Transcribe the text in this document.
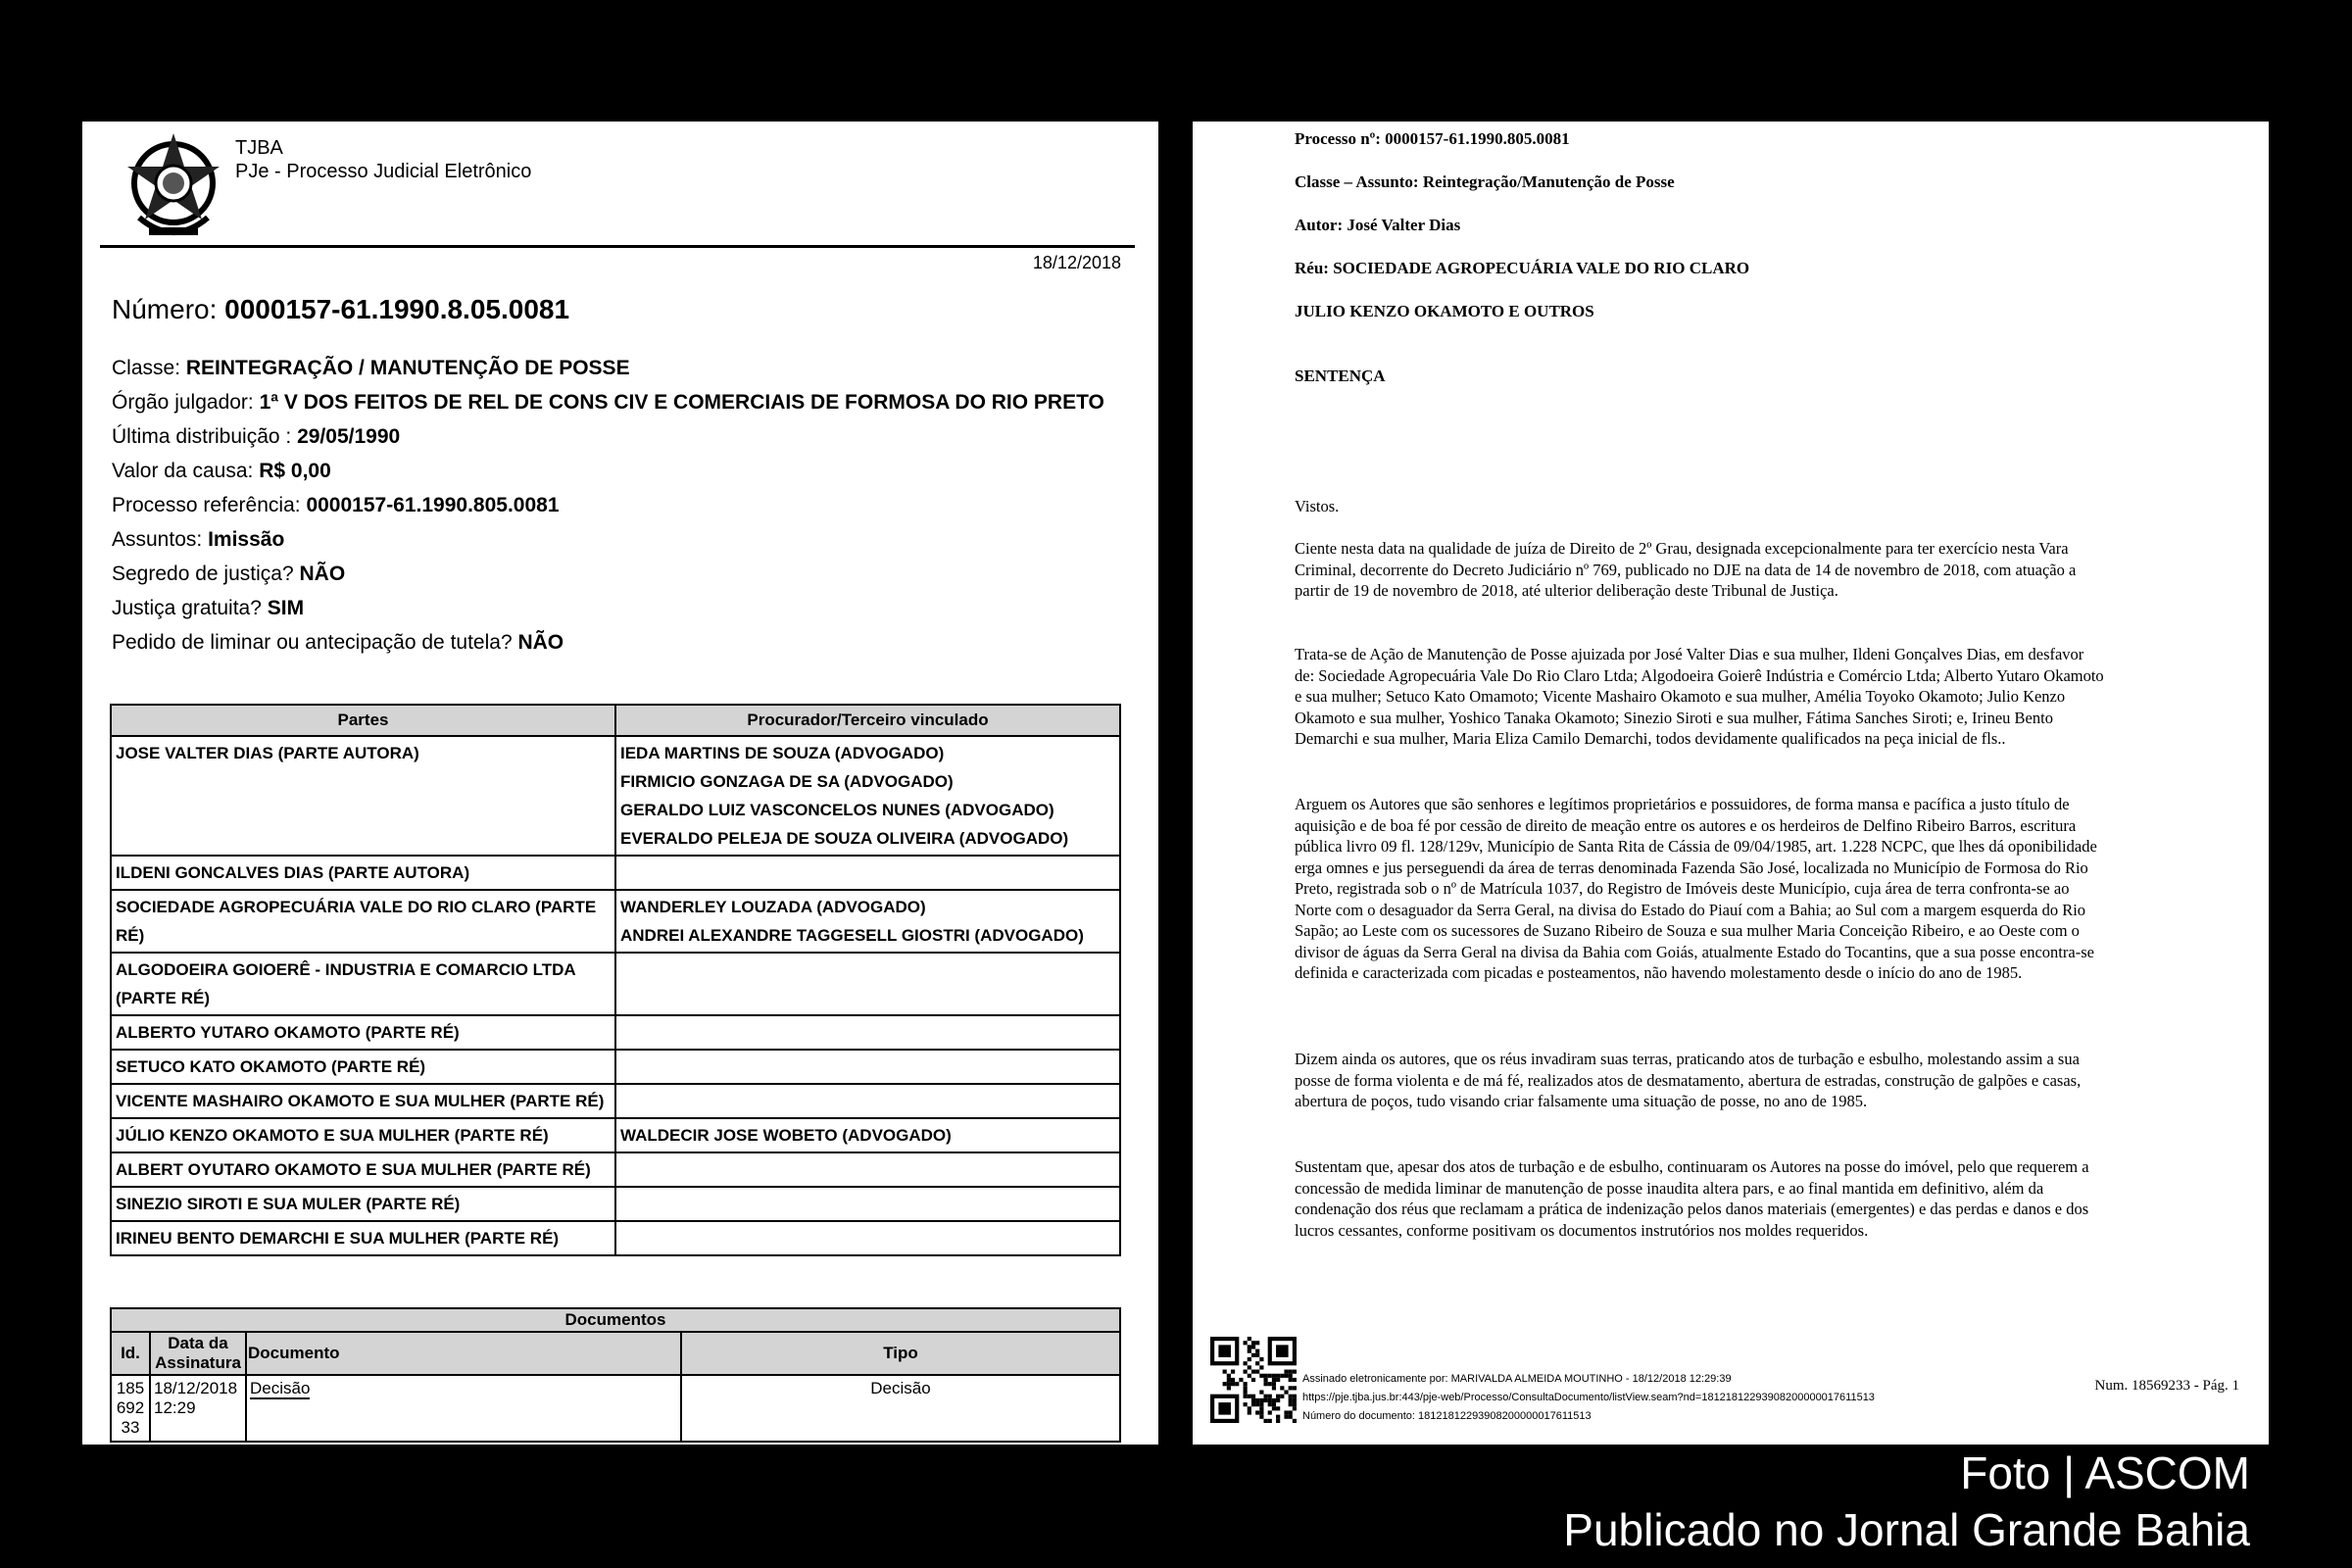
TJBA
PJe - Processo Judicial Eletrônico
18/12/2018
Número: 0000157-61.1990.8.05.0081
Classe: REINTEGRAÇÃO / MANUTENÇÃO DE POSSE
Órgão julgador: 1ª V DOS FEITOS DE REL DE CONS CIV E COMERCIAIS DE FORMOSA DO RIO PRETO
Última distribuição : 29/05/1990
Valor da causa: R$ 0,00
Processo referência: 0000157-61.1990.805.0081
Assuntos: Imissão
Segredo de justiça? NÃO
Justiça gratuita? SIM
Pedido de liminar ou antecipação de tutela? NÃO
Partes	Procurador/Terceiro vinculado
JOSE VALTER DIAS (PARTE AUTORA)	IEDA MARTINS DE SOUZA (ADVOGADO)
FIRMICIO GONZAGA DE SA (ADVOGADO)
GERALDO LUIZ VASCONCELOS NUNES (ADVOGADO)
EVERALDO PELEJA DE SOUZA OLIVEIRA (ADVOGADO)
ILDENI GONCALVES DIAS (PARTE AUTORA)	
SOCIEDADE AGROPECUÁRIA VALE DO RIO CLARO (PARTE RÉ)	WANDERLEY LOUZADA (ADVOGADO)
ANDREI ALEXANDRE TAGGESELL GIOSTRI (ADVOGADO)
ALGODOEIRA GOIOERÊ - INDUSTRIA E COMARCIO LTDA (PARTE RÉ)	
ALBERTO YUTARO OKAMOTO (PARTE RÉ)	
SETUCO KATO OKAMOTO (PARTE RÉ)	
VICENTE MASHAIRO OKAMOTO E SUA MULHER (PARTE RÉ)	
JÚLIO KENZO OKAMOTO E SUA MULHER (PARTE RÉ)	WALDECIR JOSE WOBETO (ADVOGADO)
ALBERT OYUTARO OKAMOTO E SUA MULHER (PARTE RÉ)	
SINEZIO SIROTI E SUA MULER (PARTE RÉ)	
IRINEU BENTO DEMARCHI E SUA MULHER (PARTE RÉ)	
Documentos			
Id.	Data da Assinatura	Documento	Tipo
18569233	18/12/2018 12:29	Decisão	Decisão
Processo nº: 0000157-61.1990.805.0081
Classe – Assunto: Reintegração/Manutenção de Posse
Autor: José Valter Dias
Réu: SOCIEDADE AGROPECUÁRIA VALE DO RIO CLARO
JULIO KENZO OKAMOTO E OUTROS
SENTENÇA
Vistos.
Ciente nesta data na qualidade de juíza de Direito de 2º Grau, designada excepcionalmente para ter exercício nesta Vara Criminal, decorrente do Decreto Judiciário nº 769, publicado no DJE na data de 14 de novembro de 2018, com atuação a partir de 19 de novembro de 2018, até ulterior deliberação deste Tribunal de Justiça.
Trata-se de Ação de Manutenção de Posse ajuizada por José Valter Dias e sua mulher, Ildeni Gonçalves Dias, em desfavor de: Sociedade Agropecuária Vale Do Rio Claro Ltda; Algodoeira Goierê Indústria e Comércio Ltda; Alberto Yutaro Okamoto e sua mulher; Setuco Kato Omamoto; Vicente Mashairo Okamoto e sua mulher, Amélia Toyoko Okamoto; Julio Kenzo Okamoto e sua mulher, Yoshico Tanaka Okamoto; Sinezio Siroti e sua mulher, Fátima Sanches Siroti; e, Irineu Bento Demarchi e sua mulher, Maria Eliza Camilo Demarchi, todos devidamente qualificados na peça inicial de fls..
Arguem os Autores que são senhores e legítimos proprietários e possuidores, de forma mansa e pacífica a justo título de aquisição e de boa fé por cessão de direito de meação entre os autores e os herdeiros de Delfino Ribeiro Barros, escritura pública livro 09 fl. 128/129v, Município de Santa Rita de Cássia de 09/04/1985, art. 1.228 NCPC, que lhes dá oponibilidade erga omnes e jus perseguendi da área de terras denominada Fazenda São José, localizada no Município de Formosa do Rio Preto, registrada sob o nº de Matrícula 1037, do Registro de Imóveis deste Município, cuja área de terra confronta-se ao Norte com o desaguador da Serra Geral, na divisa do Estado do Piauí com a Bahia; ao Sul com a margem esquerda do Rio Sapão; ao Leste com os sucessores de Suzano Ribeiro de Souza e sua mulher Maria Conceição Ribeiro, e ao Oeste com o divisor de águas da Serra Geral na divisa da Bahia com Goiás, atualmente Estado do Tocantins, que a sua posse encontra-se definida e caracterizada com picadas e posteamentos, não havendo molestamento desde o início do ano de 1985.
Dizem ainda os autores, que os réus invadiram suas terras, praticando atos de turbação e esbulho, molestando assim a sua posse de forma violenta e de má fé, realizados atos de desmatamento, abertura de estradas, construção de galpões e casas, abertura de poços, tudo visando criar falsamente uma situação de posse, no ano de 1985.
Sustentam que, apesar dos atos de turbação e de esbulho, continuaram os Autores na posse do imóvel, pelo que requerem a concessão de medida liminar de manutenção de posse inaudita altera pars, e ao final mantida em definitivo, além da condenação dos réus que reclamam a prática de indenização pelos danos materiais (emergentes) e das perdas e danos e dos lucros cessantes, conforme positivam os documentos instrutórios nos moldes requeridos.
Assinado eletronicamente por: MARIVALDA ALMEIDA MOUTINHO - 18/12/2018 12:29:39
https://pje.tjba.jus.br:443/pje-web/Processo/ConsultaDocumento/listView.seam?nd=18121812293908200000017611513
Número do documento: 18121812293908200000017611513
Num. 18569233 - Pág. 1
Foto | ASCOM
Publicado no Jornal Grande Bahia
